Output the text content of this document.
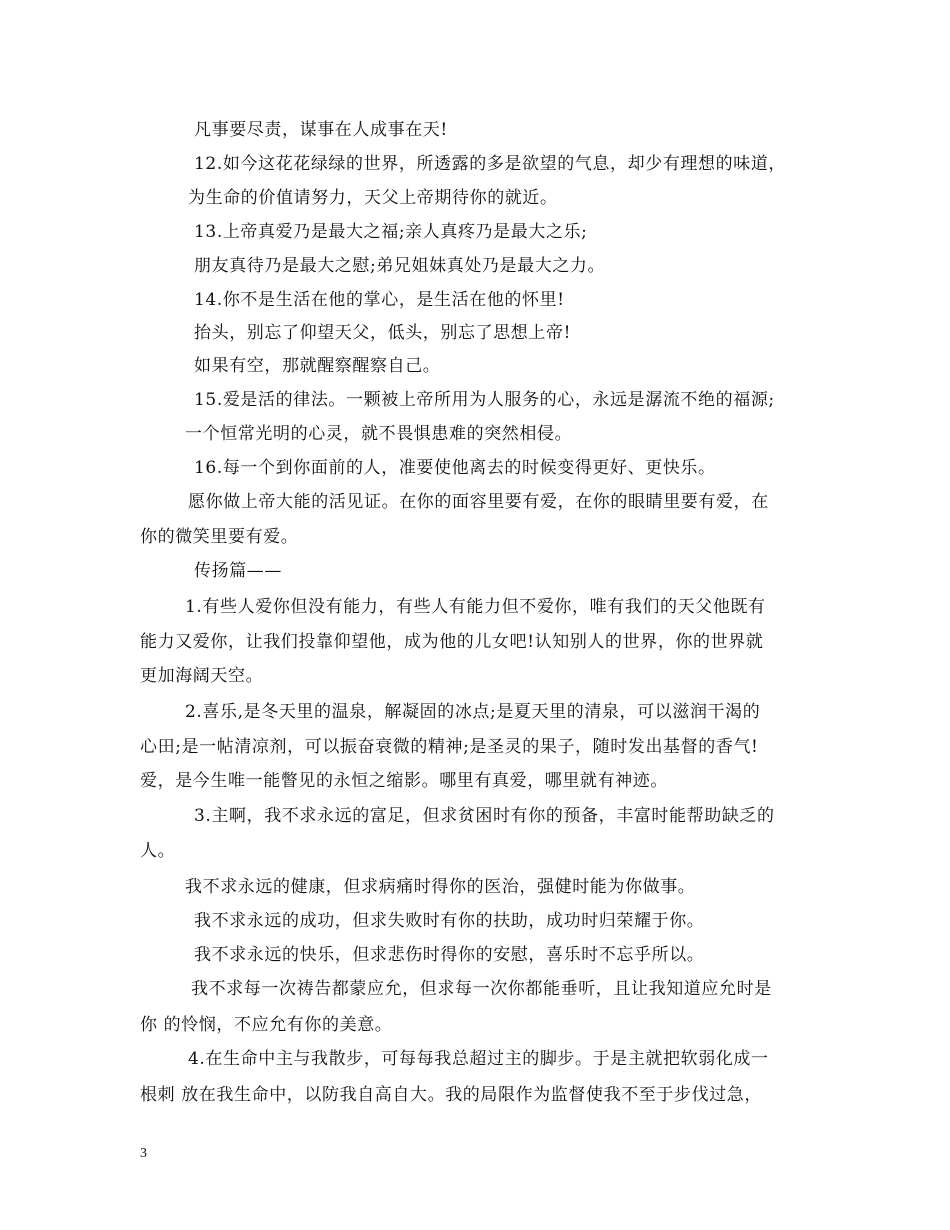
凡事要尽责，谋事在人成事在天!
12.如今这花花绿绿的世界，所透露的多是欲望的气息，却少有理想的味道，
为生命的价值请努力，天父上帝期待你的就近。
13.上帝真爱乃是最大之福;亲人真疼乃是最大之乐;
朋友真待乃是最大之慰;弟兄姐妹真处乃是最大之力。
14.你不是生活在他的掌心，是生活在他的怀里!
抬头，别忘了仰望天父，低头，别忘了思想上帝!
如果有空，那就醒察醒察自己。
15.爱是活的律法。一颗被上帝所用为人服务的心，永远是潺流不绝的福源;
一个恒常光明的心灵，就不畏惧患难的突然相侵。
16.每一个到你面前的人，准要使他离去的时候变得更好、更快乐。
愿你做上帝大能的活见证。在你的面容里要有爱，在你的眼睛里要有爱，在
你的微笑里要有爱。
传扬篇——
1.有些人爱你但没有能力，有些人有能力但不爱你，唯有我们的天父他既有
能力又爱你，让我们投靠仰望他，成为他的儿女吧!认知别人的世界，你的世界就
更加海阔天空。
2.喜乐,是冬天里的温泉，解凝固的冰点;是夏天里的清泉，可以滋润干渴的
心田;是一帖清凉剂，可以振奋衰微的精神;是圣灵的果子，随时发出基督的香气!
爱，是今生唯一能瞥见的永恒之缩影。哪里有真爱，哪里就有神迹。
3.主啊，我不求永远的富足，但求贫困时有你的预备，丰富时能帮助缺乏的
人。
我不求永远的健康，但求病痛时得你的医治，强健时能为你做事。
我不求永远的成功，但求失败时有你的扶助，成功时归荣耀于你。
我不求永远的快乐，但求悲伤时得你的安慰，喜乐时不忘乎所以。
我不求每一次祷告都蒙应允，但求每一次你都能垂听，且让我知道应允时是
你 的怜悯，不应允有你的美意。
4.在生命中主与我散步，可每每我总超过主的脚步。于是主就把软弱化成一
根刺 放在我生命中，以防我自高自大。我的局限作为监督使我不至于步伐过急，
3
